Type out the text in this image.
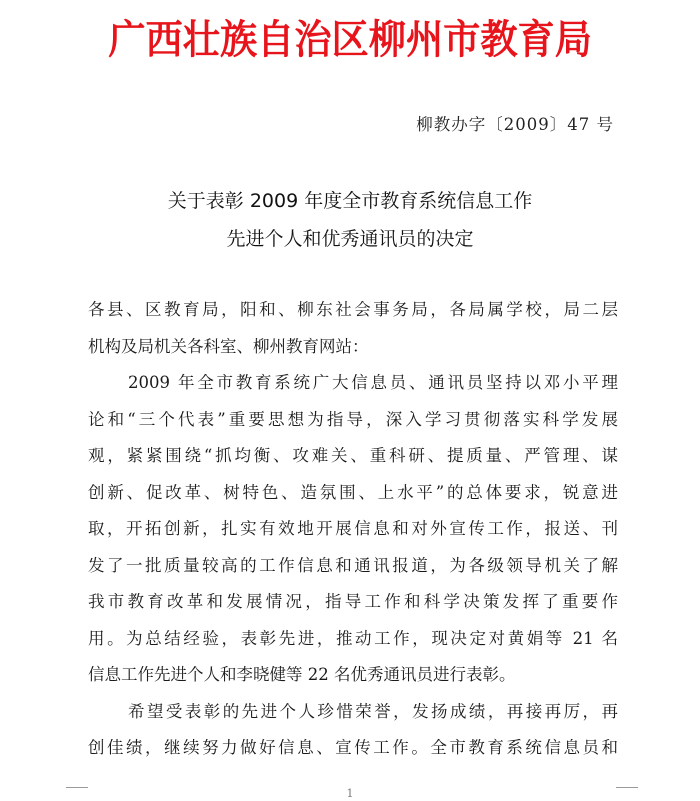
广西壮族自治区柳州市教育局
柳教办字〔2009〕47 号
关于表彰 2009 年度全市教育系统信息工作
先进个人和优秀通讯员的决定
各县、区教育局，阳和、柳东社会事务局，各局属学校，局二层
机构及局机关各科室、柳州教育网站：
2009 年全市教育系统广大信息员、通讯员坚持以邓小平理
论和“三个代表”重要思想为指导，深入学习贯彻落实科学发展
观，紧紧围绕“抓均衡、攻难关、重科研、提质量、严管理、谋
创新、促改革、树特色、造氛围、上水平”的总体要求，锐意进
取，开拓创新，扎实有效地开展信息和对外宣传工作，报送、刊
发了一批质量较高的工作信息和通讯报道，为各级领导机关了解
我市教育改革和发展情况，指导工作和科学决策发挥了重要作
用。为总结经验，表彰先进，推动工作，现决定对黄娟等 21 名
信息工作先进个人和李晓健等 22 名优秀通讯员进行表彰。
希望受表彰的先进个人珍惜荣誉，发扬成绩，再接再厉，再
创佳绩，继续努力做好信息、宣传工作。全市教育系统信息员和
1
